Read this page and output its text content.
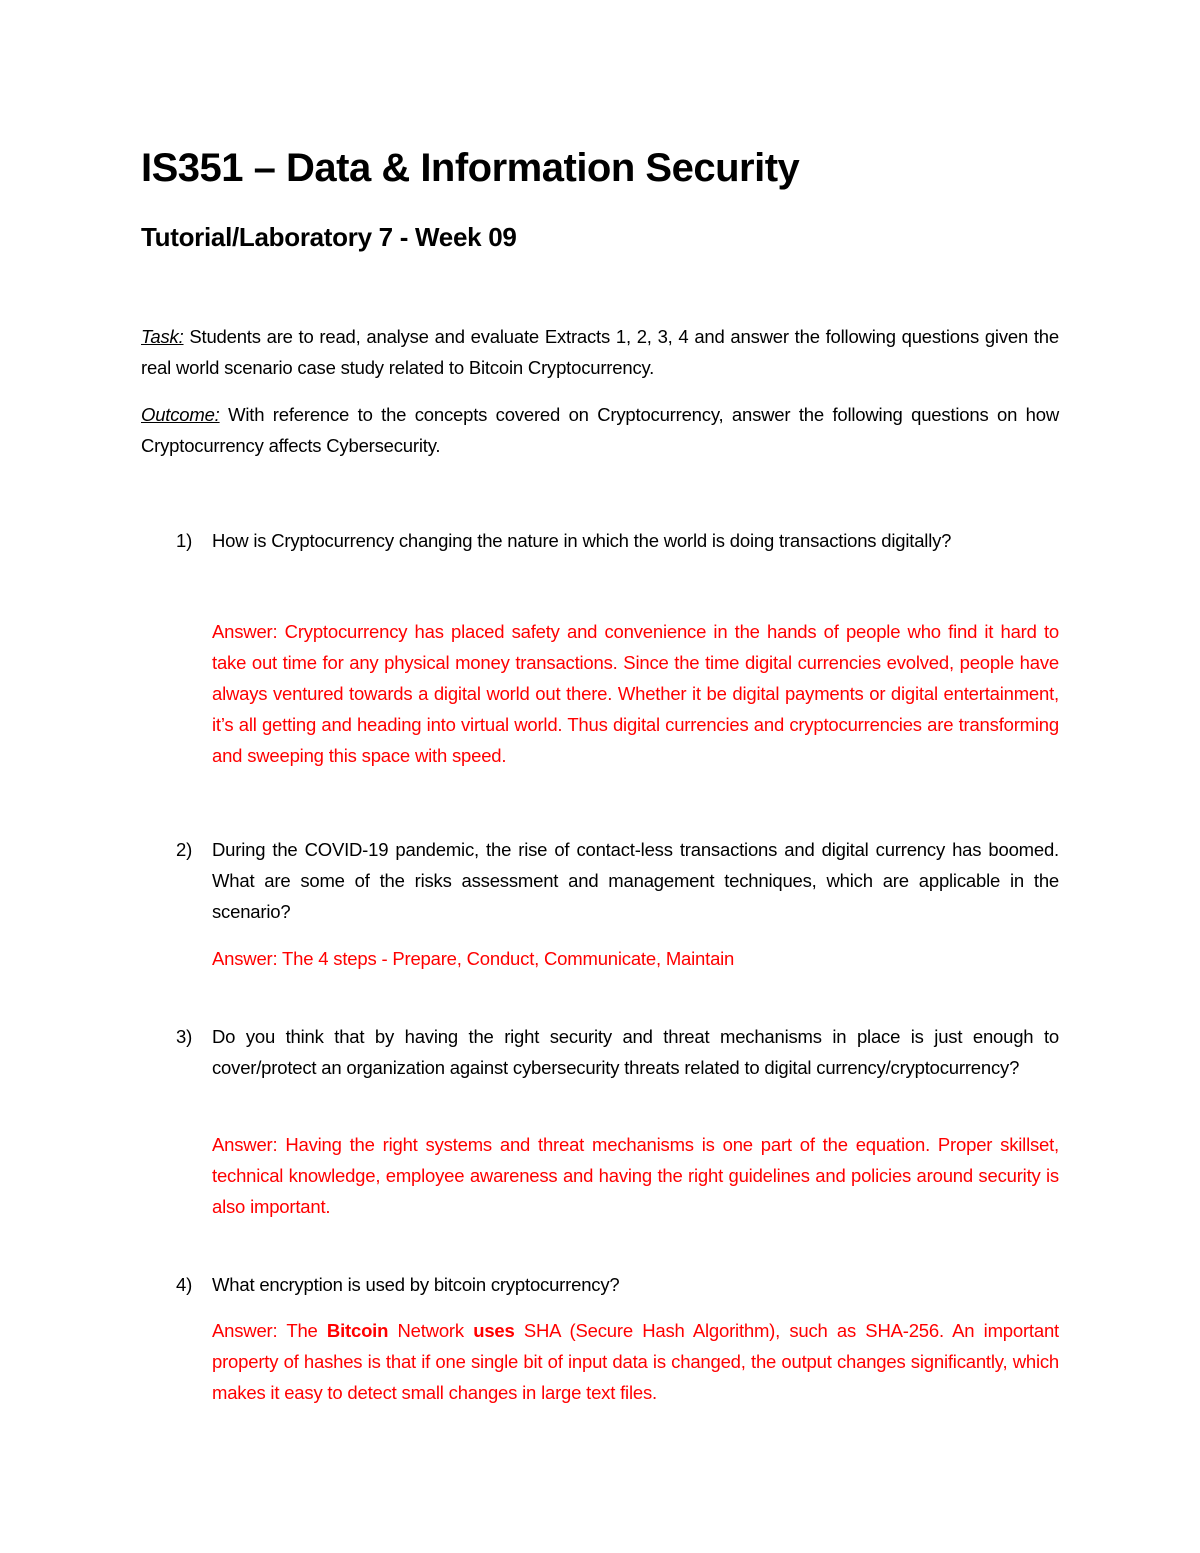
IS351 – Data & Information Security
Tutorial/Laboratory 7 - Week 09
Task: Students are to read, analyse and evaluate Extracts 1, 2, 3, 4 and answer the following questions given the real world scenario case study related to Bitcoin Cryptocurrency.
Outcome: With reference to the concepts covered on Cryptocurrency, answer the following questions on how Cryptocurrency affects Cybersecurity.
1) How is Cryptocurrency changing the nature in which the world is doing transactions digitally?
Answer: Cryptocurrency has placed safety and convenience in the hands of people who find it hard to take out time for any physical money transactions. Since the time digital currencies evolved, people have always ventured towards a digital world out there. Whether it be digital payments or digital entertainment, it’s all getting and heading into virtual world. Thus digital currencies and cryptocurrencies are transforming and sweeping this space with speed.
2) During the COVID-19 pandemic, the rise of contact-less transactions and digital currency has boomed. What are some of the risks assessment and management techniques, which are applicable in the scenario?
Answer: The 4 steps - Prepare, Conduct, Communicate, Maintain
3) Do you think that by having the right security and threat mechanisms in place is just enough to cover/protect an organization against cybersecurity threats related to digital currency/cryptocurrency?
Answer: Having the right systems and threat mechanisms is one part of the equation. Proper skillset, technical knowledge, employee awareness and having the right guidelines and policies around security is also important.
4) What encryption is used by bitcoin cryptocurrency?
Answer: The Bitcoin Network uses SHA (Secure Hash Algorithm), such as SHA-256. An important property of hashes is that if one single bit of input data is changed, the output changes significantly, which makes it easy to detect small changes in large text files.
